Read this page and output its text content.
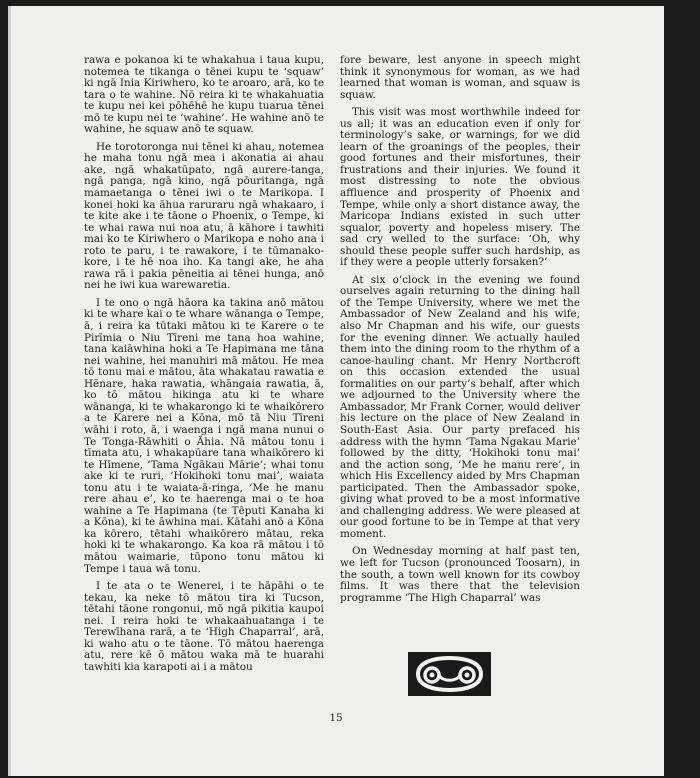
rawa e pokanoa ki te whakahua i taua kupu, notemea te tikanga o tēnei kupu te ‘squaw’ ki ngā Inia Kiriwhero, ko te aroaro, arā, ko te tara o te wahine. Nō reira ki te whakahuatia te kupu nei kei pōhēhē he kupu tuarua tēnei mō te kupu nei te ‘wahine’. He wahine anō te wahine, he squaw anō te squaw.

He torotoronga nui tēnei ki ahau, notemea he maha tonu ngā mea i akonatia ai ahau ake, ngā whakatūpato, ngā aurere-tanga, ngā panga, ngā kino, ngā pōuritanga, ngā mamaetanga o tēnei iwi o te Marikopa. I konei hoki ka āhua raruraru ngā whakaaro, i te kite ake i te tāone o Phoenix, o Tempe, ki te whai rawa nui noa atu, ā kāhore i tawhiti mai ko te Kiriwhero o Marikopa e noho ana i roto te paru, i te rawakore, i te tūmanako-kore, i te hē noa iho. Ka tangi ake, he aha rawa rā i pakia pēneitia ai tēnei hunga, anō nei he iwi kua warewaretia.

I te ono o ngā hāora ka takina anō mātou ki te whare kai o te whare wānanga o Tempe, ā, i reira ka tūtaki mātou ki te Karere o te Pirīmia o Niu Tīreni me tana hoa wahine, tana kaiāwhina hoki a Te Hapimana me tāna nei wahine, hei manuhiri mā mātou. He mea tō tonu mai e mātou, āta whakatau rawatia e Hēnare, haka rawatia, whāngaia rawatia, ā, ko tō mātou hikinga atu ki te whare wānanga, ki te whakarongo ki te whaikōrero a te Karere nei a Kōna, mō tā Niu Tīreni wāhi i roto, ā, i waenga i ngā mana nunui o Te Tonga-Rāwhiti o Āhia. Nā mātou tonu i tīmata atu, i whakapūare tana whaikōrero ki te Hīmene, ‘Tama Ngākau Mārie’; whai tonu ake ki te ruri, ‘Hokihoki tonu mai’, waiata tonu atu i te waiata-ā-ringa, ‘Me he manu rere ahau e’, ko te haerenga mai o te hoa wahine a Te Hapimana (te Tēputi Kanaha ki a Kōna), ki te āwhina mai. Kātahi anō a Kōna ka kōrero, tētahi whaikōrero mātau, reka hoki ki te whakarongo. Ka koa rā mātou i tō mātou waimarie, tūpono tonu mātou ki Tempe i taua wā tonu.

I te ata o te Wenerei, i te hāpāhi o te tekau, ka neke tō mātou tira ki Tucson, tētahi tāone rongonui, mō ngā pikitia kaupoi nei. I reira hoki te whakaahuatanga i te Terewīhana rarā, a te ‘High Chaparral’, arā, ki waho atu o te tāone. Tō mātou haerenga atu, rere kē ō mātou waka mā te huarahi tawhiti kia karapoti ai i a mātou

fore beware, lest anyone in speech might think it synonymous for woman, as we had learned that woman is woman, and squaw is squaw.

This visit was most worthwhile indeed for us all; it was an education even if only for terminology’s sake, or warnings, for we did learn of the groanings of the peoples, their good fortunes and their misfortunes, their frustrations and their injuries. We found it most distressing to note the obvious affluence and prosperity of Phoenix and Tempe, while only a short distance away, the Maricopa Indians existed in such utter squalor, poverty and hopeless misery. The sad cry welled to the surface: ‘Oh, why should these people suffer such hardship, as if they were a people utterly forsaken?’

At six o’clock in the evening we found ourselves again returning to the dining hall of the Tempe University, where we met the Ambassador of New Zealand and his wife, also Mr Chapman and his wife, our guests for the evening dinner. We actually hauled them into the dining room to the rhythm of a canoe-hauling chant. Mr Henry Northcroft on this occasion extended the usual formalities on our party’s behalf, after which we adjourned to the University where the Ambassador, Mr Frank Corner, would deliver his lecture on the place of New Zealand in South-East Asia. Our party prefaced his address with the hymn ‘Tama Ngakau Marie’ followed by the ditty, ‘Hokihoki tonu mai’ and the action song, ‘Me he manu rere’, in which His Excellency aided by Mrs Chapman participated. Then the Ambassador spoke, giving what proved to be a most informative and challenging address. We were pleased at our good fortune to be in Tempe at that very moment.

On Wednesday morning at half past ten, we left for Tucson (pronounced Toosarn), in the south, a town well known for its cowboy films. It was there that the television programme ‘The High Chaparral’ was

15
